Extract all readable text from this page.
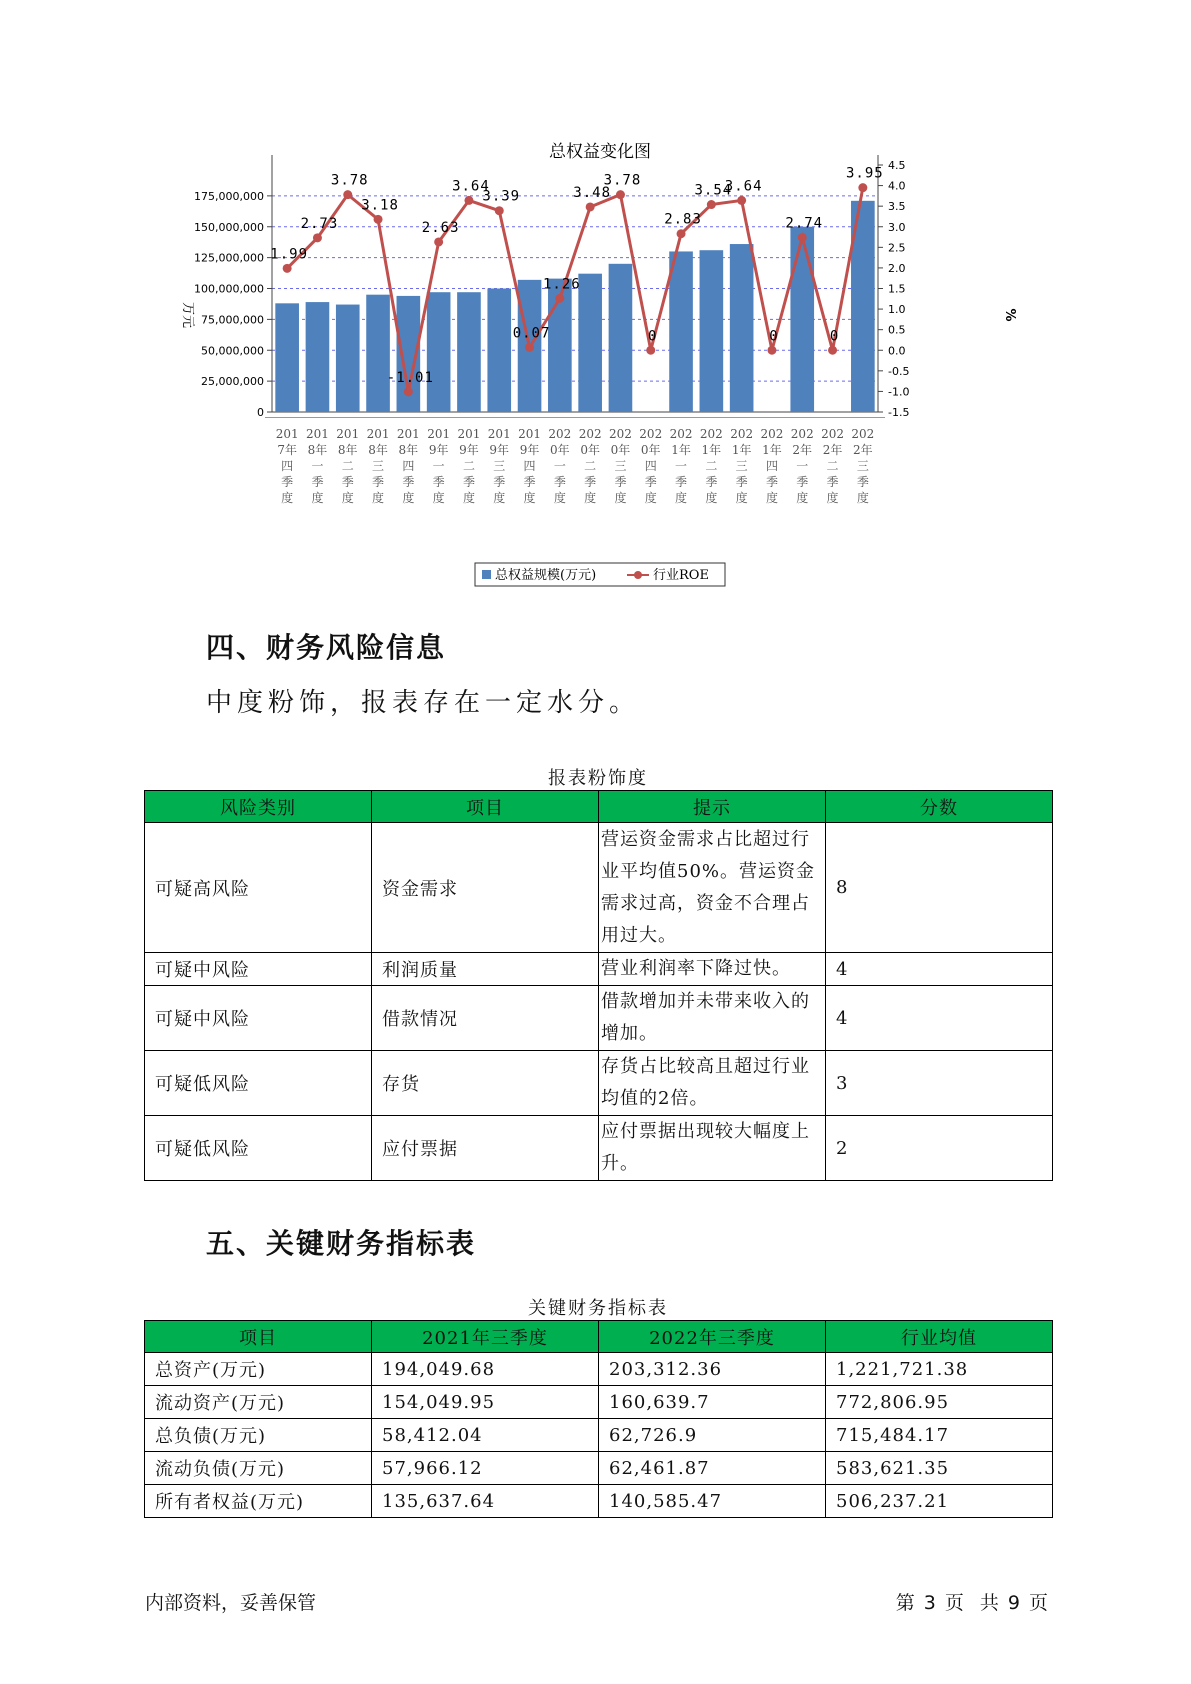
总权益变化图
0
25,000,000
50,000,000
75,000,000
100,000,000
125,000,000
150,000,000
175,000,000
-1.5
-1.0
-0.5
0.0
0.5
1.0
1.5
2.0
2.5
3.0
3.5
4.0
4.5
1.99
2.73
3.78
3.18
-1.01
2.63
3.64
3.39
0.07
1.26
3.48
3.78
0
2.83
3.54
3.64
0
2.74
0
3.95
201 7年四季度
201 8年一季度
201 8年二季度
201 8年三季度
201 8年四季度
201 9年一季度
201 9年二季度
201 9年三季度
201 9年四季度
202 0年一季度
202 0年二季度
202 0年三季度
202 0年四季度
202 1年一季度
202 1年二季度
202 1年三季度
202 1年四季度
202 2年一季度
202 2年二季度
202 2年三季度
万元	%
总权益规模(万元)	行业ROE
四、财务风险信息
中度粉饰，报表存在一定水分。
报表粉饰度
风险类别	项目	提示	分数
可疑高风险	资金需求	营运资金需求占比超过行业平均值50%。营运资金需求过高，资金不合理占用过大。	8
可疑中风险	利润质量	营业利润率下降过快。	4
可疑中风险	借款情况	借款增加并未带来收入的增加。	4
可疑低风险	存货	存货占比较高且超过行业均值的2倍。	3
可疑低风险	应付票据	应付票据出现较大幅度上升。	2
五、关键财务指标表
关键财务指标表
项目	2021年三季度	2022年三季度	行业均值
总资产(万元)	194,049.68	203,312.36	1,221,721.38
流动资产(万元)	154,049.95	160,639.7	772,806.95
总负债(万元)	58,412.04	62,726.9	715,484.17
流动负债(万元)	57,966.12	62,461.87	583,621.35
所有者权益(万元)	135,637.64	140,585.47	506,237.21
内部资料，妥善保管	第 3 页 共 9 页
